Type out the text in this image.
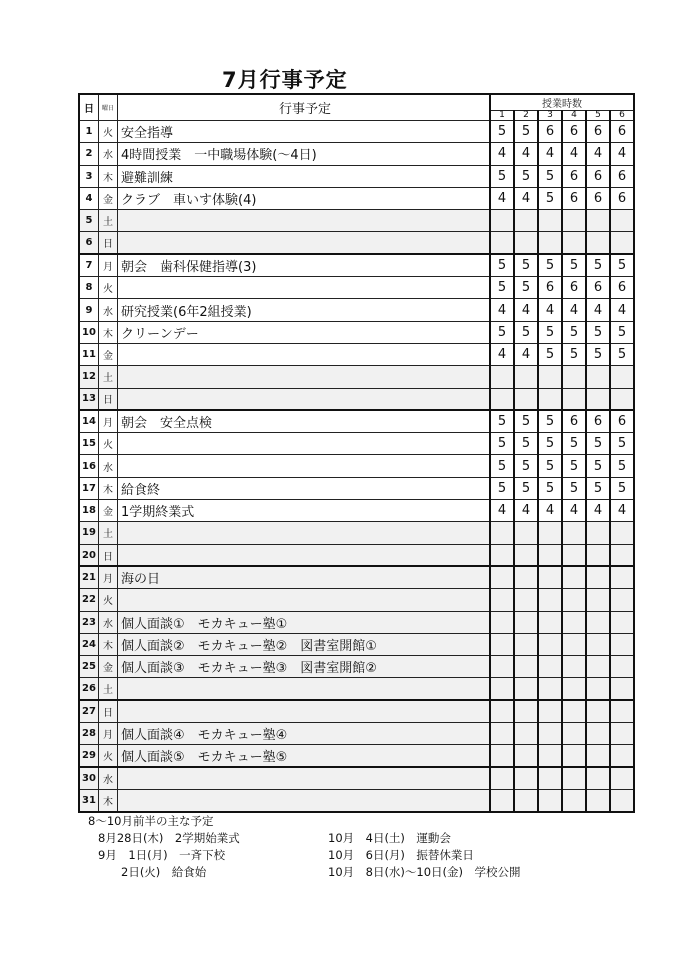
7月行事予定
日	曜日	行事予定	授業時数					
			1	2	3	4	5	6
1	火	安全指導	5	5	6	6	6	6
2	水	4時間授業　一中職場体験(～4日)	4	4	4	4	4	4
3	木	避難訓練	5	5	5	6	6	6
4	金	クラブ　車いす体験(4)	4	4	5	6	6	6
5	土							
6	日							
7	月	朝会　歯科保健指導(3)	5	5	5	5	5	5
8	火		5	5	6	6	6	6
9	水	研究授業(6年2組授業)	4	4	4	4	4	4
10	木	クリーンデー	5	5	5	5	5	5
11	金		4	4	5	5	5	5
12	土							
13	日							
14	月	朝会　安全点検	5	5	5	6	6	6
15	火		5	5	5	5	5	5
16	水		5	5	5	5	5	5
17	木	給食終	5	5	5	5	5	5
18	金	1学期終業式	4	4	4	4	4	4
19	土							
20	日							
21	月	海の日						
22	火							
23	水	個人面談①　モカキュー塾①						
24	木	個人面談②　モカキュー塾②　図書室開館①						
25	金	個人面談③　モカキュー塾③　図書室開館②						
26	土							
27	日							
28	月	個人面談④　モカキュー塾④						
29	火	個人面談⑤　モカキュー塾⑤						
30	水							
31	木							
8～10月前半の主な予定
8月28日(木)　2学期始業式	10月　4日(土)　運動会
9月　1日(月)　一斉下校	10月　6日(月)　振替休業日
　　2日(火)　給食始	10月　8日(水)～10日(金)　学校公開
